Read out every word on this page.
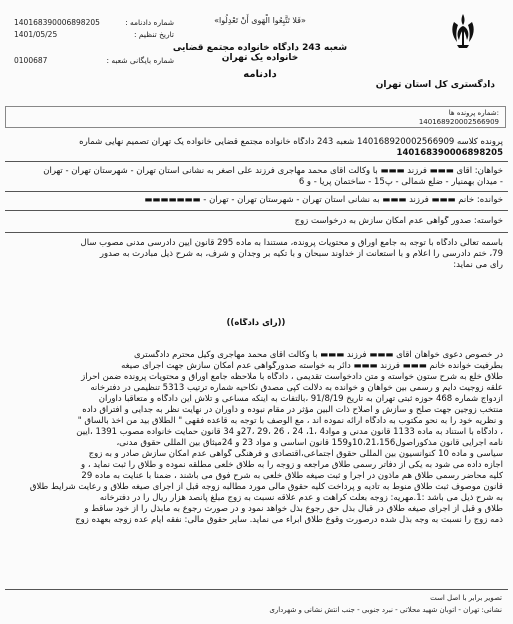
دادگستری کل استان تهران
«فَلا تَتَّبِعُوا الْهَوى أَنْ تَعْدِلُوا»
شعبه 243 دادگاه خانواده مجتمع قضایی خانواده یک تهران
دادنامه
شماره دادنامه :
140168390006898205
تاریخ تنظیم :
1401/05/25
شماره بایگانی شعبه :
0100687
شماره پرونده ها:
140168920002566909
پرونده کلاسه 140168920002566909 شعبه 243 دادگاه خانواده مجتمع قضایی خانواده یک تهران تصمیم نهایی شماره
140168390006898205
خواهان: آقای ▬▬▬ فرزند ▬▬▬ با وکالت آقای محمد مهاجری فرزند علی اصغر به نشانی استان تهران - شهرستان تهران - تهران
- میدان بهمنیار - ضلع شمالی - پ15 - ساختمان پریا - و 6
خوانده: خانم ▬▬▬ فرزند ▬▬▬ به نشانی استان تهران - شهرستان تهران - تهران - ▬▬▬▬▬▬▬
خواسته: صدور گواهی عدم امکان سازش به درخواست زوج
باسمه تعالی دادگاه با توجه به جامع اوراق و محتویات پرونده، مستنداً به ماده 295 قانون آیین دادرسی مدنی مصوب سال
79، ختم دادرسی را اعلام و با استعانت از خداوند سبحان و با تکیه بر وجدان و شرف، به شرح ذیل مبادرت به صدور
رأی می نماید:
((رای دادگاه))
در خصوص دعوی خواهان آقای ▬▬▬ فرزند ▬▬▬ با وکالت آقای محمد مهاجری وکیل محترم دادگستری
بطرفیت خوانده خانم ▬▬▬ فرزند ▬▬▬ دائر به خواسته صدورگواهی عدم امکان سازش جهت اجرای صیغه
طلاق خلع به شرح ستون خواسته و متن دادخواست تقدیمی ، دادگاه با ملاحظه جامع اوراق و محتویات پرونده ضمن احراز
علقه زوجیت دایم و رسمی بین خواهان و خوانده به دلالت کپی مصدق نکاحیه شماره ترتیب 5313 تنظیمی در دفترخانه
ازدواج شماره 468 حوزه ثبتی تهران به تاریخ 91/8/19 ،بالتفات به اینکه مساعی و تلاش این دادگاه و متعاقباً داوران
منتخب زوجین جهت صلح و سازش و اصلاح ذات البین مؤثر در مقام نبوده و داوران در نهایت نظر به جدایی و افتراق داده
و نظریه خود را به نحو مکتوب به دادگاه ارائه نموده اند ، مع الوصف با توجه به قاعده فقهی " الطلاق بید من اخذ بالساق "
، دادگاه با استناد به ماده 1133 قانون مدنی و مواد4 ،1، 24 ، 26 ،29 ،27و 34 قانون حمایت خانواده مصوب 1391 ،آیین
نامه اجرایی قانون مذکوراصول10،21،156و159 قانون اساسی و مواد 23 و 24میثاق بین المللی حقوق مدنی،
سیاسی و ماده 10 کنوانسیون بین المللی حقوق اجتماعی،اقتصادی و فرهنگی گواهی عدم امکان سازش صادر و به زوج
اجازه داده می شود به یکی از دفاتر رسمی طلاق مراجعه و زوجه را به طلاق خلعی مطلقه نموده و طلاق را ثبت نماید ، و
کلیه محاضر رسمی طلاق هم مأذون در اجرا و ثبت صیغه طلاق خلعی به شرح فوق می باشند ، ضمناً با عنایت به ماده 29
قانون موصوف ثبت طلاق منوط به تأدیه و پرداخت کلیه حقوق مالی مورد مطالبه زوجه قبل از اجرای صیغه طلاق و رعایت شرایط طلاق
به شرح ذیل می باشد :1.مهریه: زوجه بعلت کراهت و عدم علاقه نسبت به زوج مبلغ پانصد هزار ریال را در دفترخانه
طلاق و قبل از اجرای صیغه طلاق در قبال بذل حق رجوع بذل خواهد نمود و در صورت رجوع به مابذل را از خود ساقط و
ذمه زوج را نسبت به وجه بذل شده درصورت وقوع طلاق ابراء می نماید. سایر حقوق مالی: نفقه ایام عده زوجه بعهده زوج
تصویر برابر با اصل است
نشانی: تهران - اتوبان شهید محلاتی - نبرد جنوبی - جنب انتش نشانی و شهرداری
